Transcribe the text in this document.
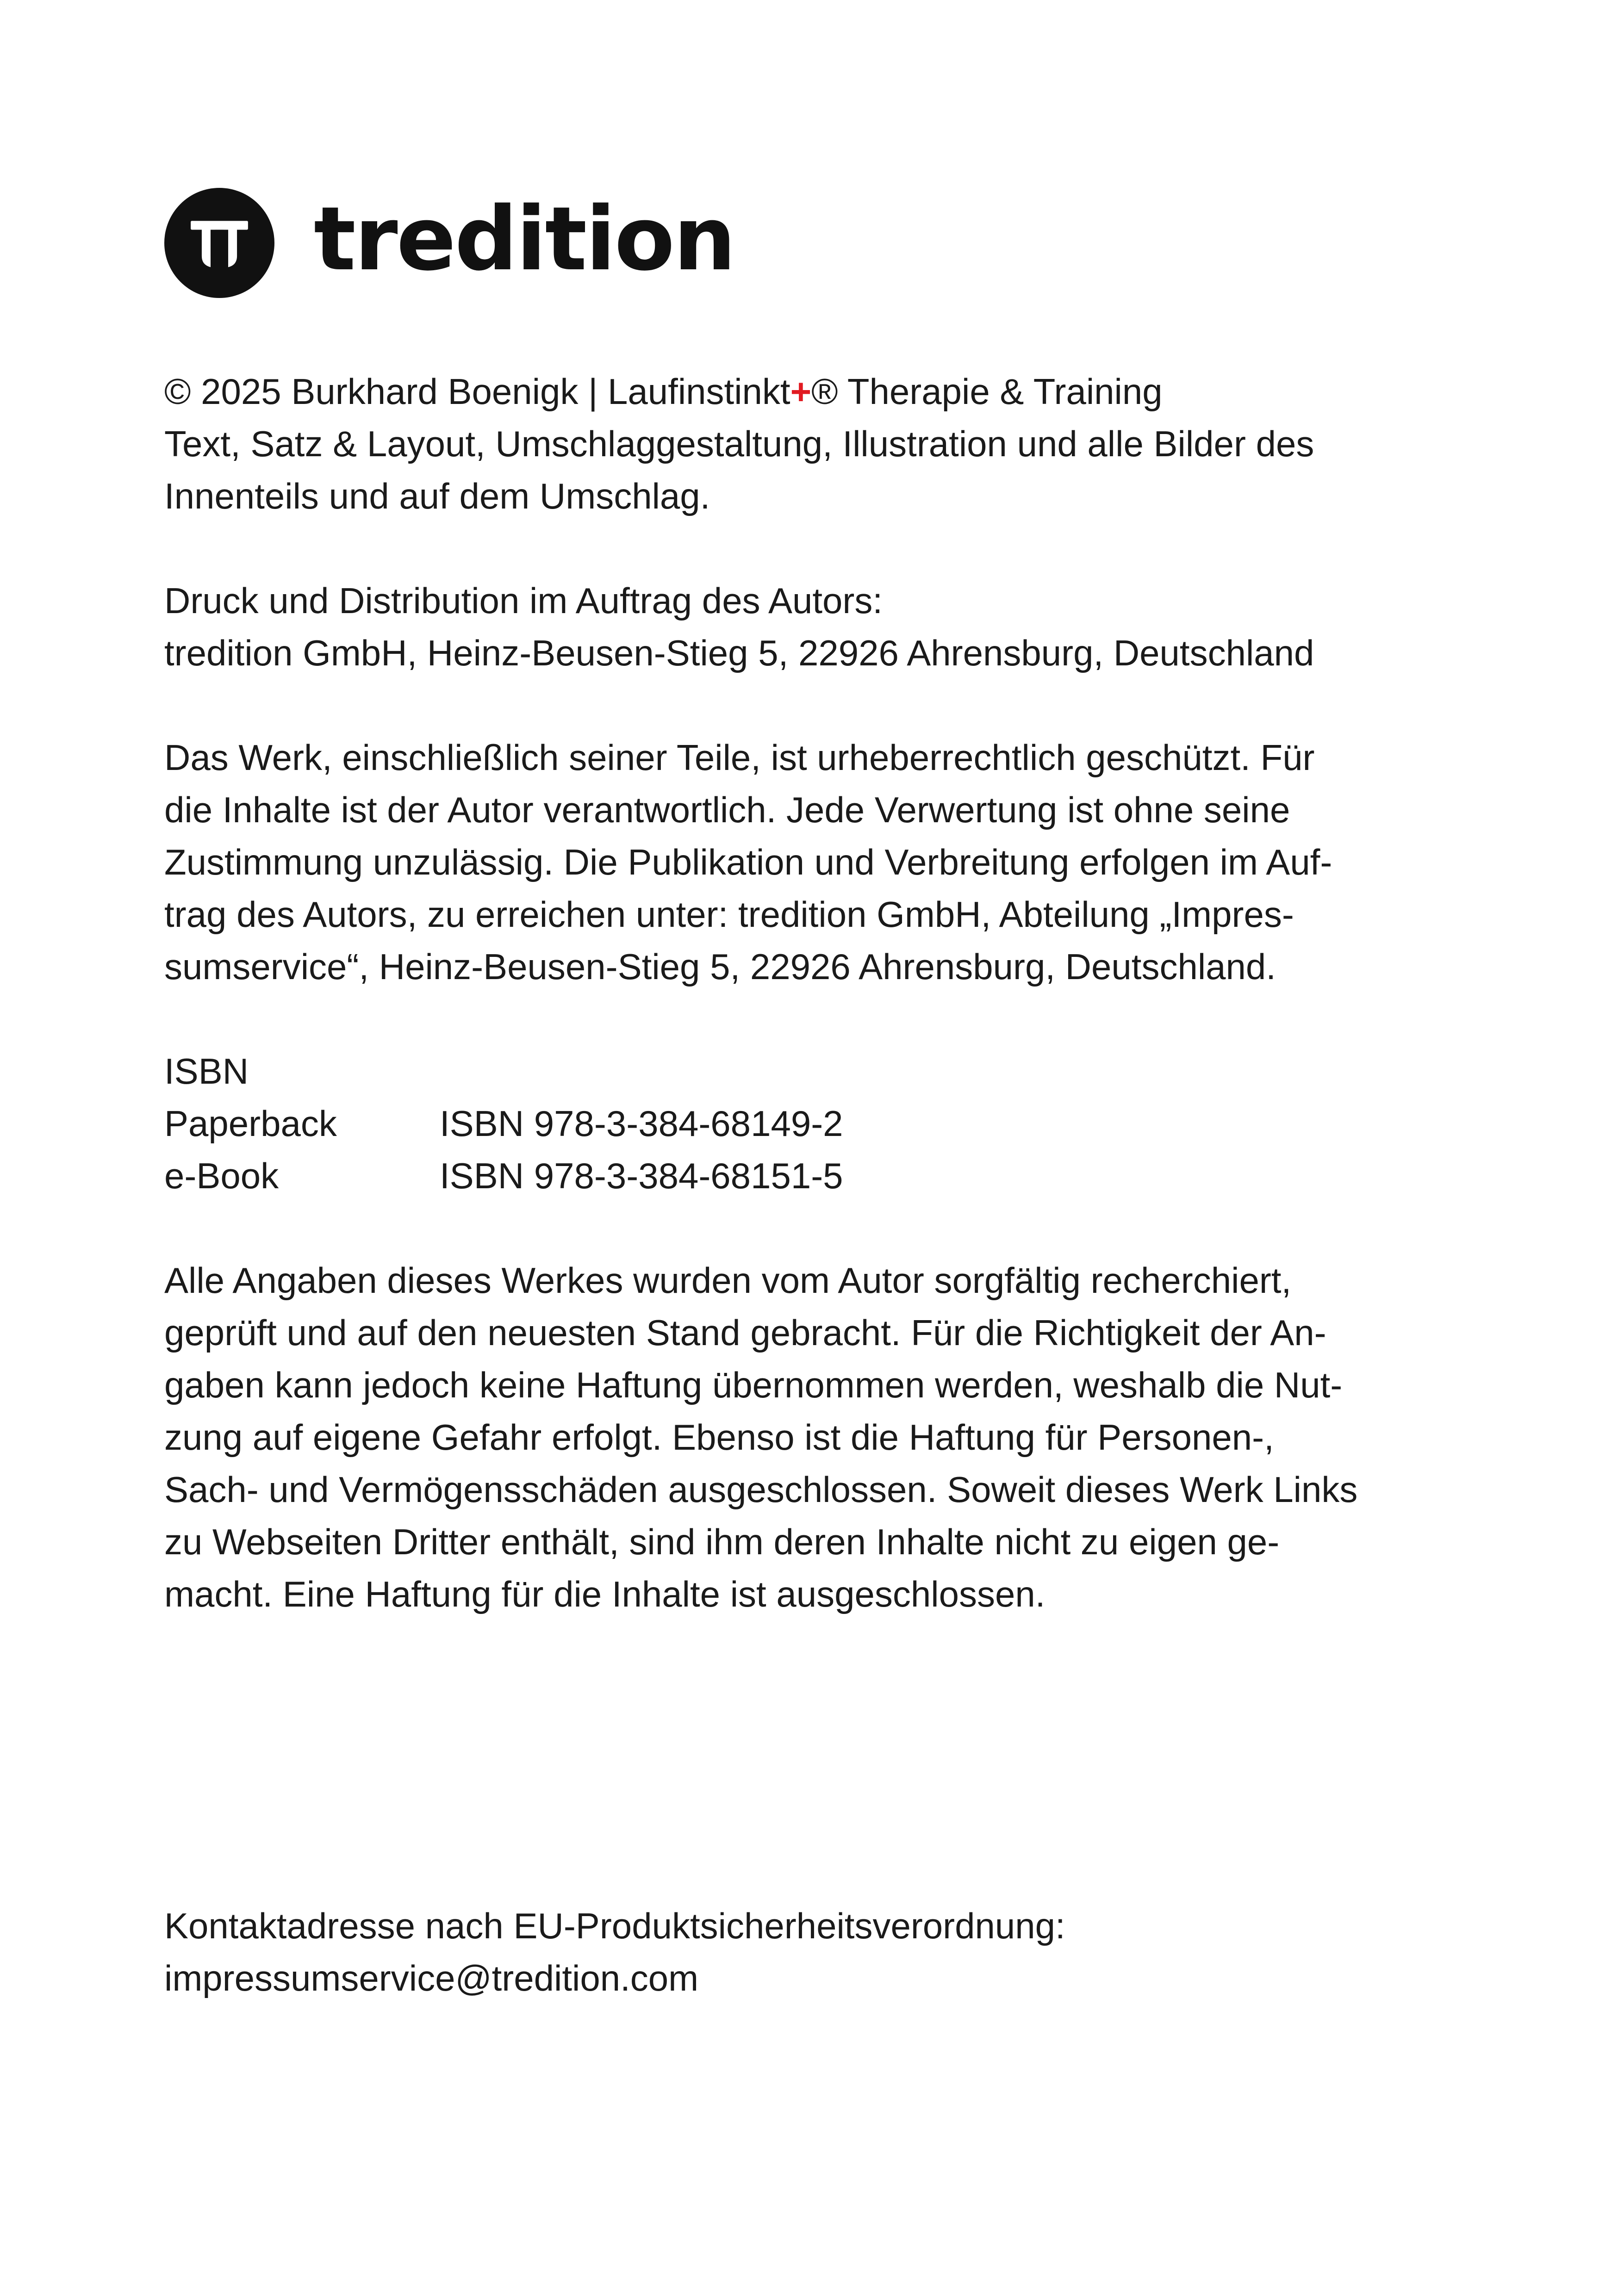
tredition
© 2025 Burkhard Boenigk | Laufinstinkt+® Therapie & Training
Text, Satz & Layout, Umschlaggestaltung, Illustration und alle Bilder des
Innenteils und auf dem Umschlag.
Druck und Distribution im Auftrag des Autors:
tredition GmbH, Heinz-Beusen-Stieg 5, 22926 Ahrensburg, Deutschland
Das Werk, einschließlich seiner Teile, ist urheberrechtlich geschützt. Für
die Inhalte ist der Autor verantwortlich. Jede Verwertung ist ohne seine
Zustimmung unzulässig. Die Publikation und Verbreitung erfolgen im Auf-
trag des Autors, zu erreichen unter: tredition GmbH, Abteilung „Impres-
sumservice“, Heinz-Beusen-Stieg 5, 22926 Ahrensburg, Deutschland.
ISBN
Paperback	ISBN 978-3-384-68149-2
e-Book	ISBN 978-3-384-68151-5
Alle Angaben dieses Werkes wurden vom Autor sorgfältig recherchiert,
geprüft und auf den neuesten Stand gebracht. Für die Richtigkeit der An-
gaben kann jedoch keine Haftung übernommen werden, weshalb die Nut-
zung auf eigene Gefahr erfolgt. Ebenso ist die Haftung für Personen-,
Sach- und Vermögensschäden ausgeschlossen. Soweit dieses Werk Links
zu Webseiten Dritter enthält, sind ihm deren Inhalte nicht zu eigen ge-
macht. Eine Haftung für die Inhalte ist ausgeschlossen.
Kontaktadresse nach EU-Produktsicherheitsverordnung:
impressumservice@tredition.com
